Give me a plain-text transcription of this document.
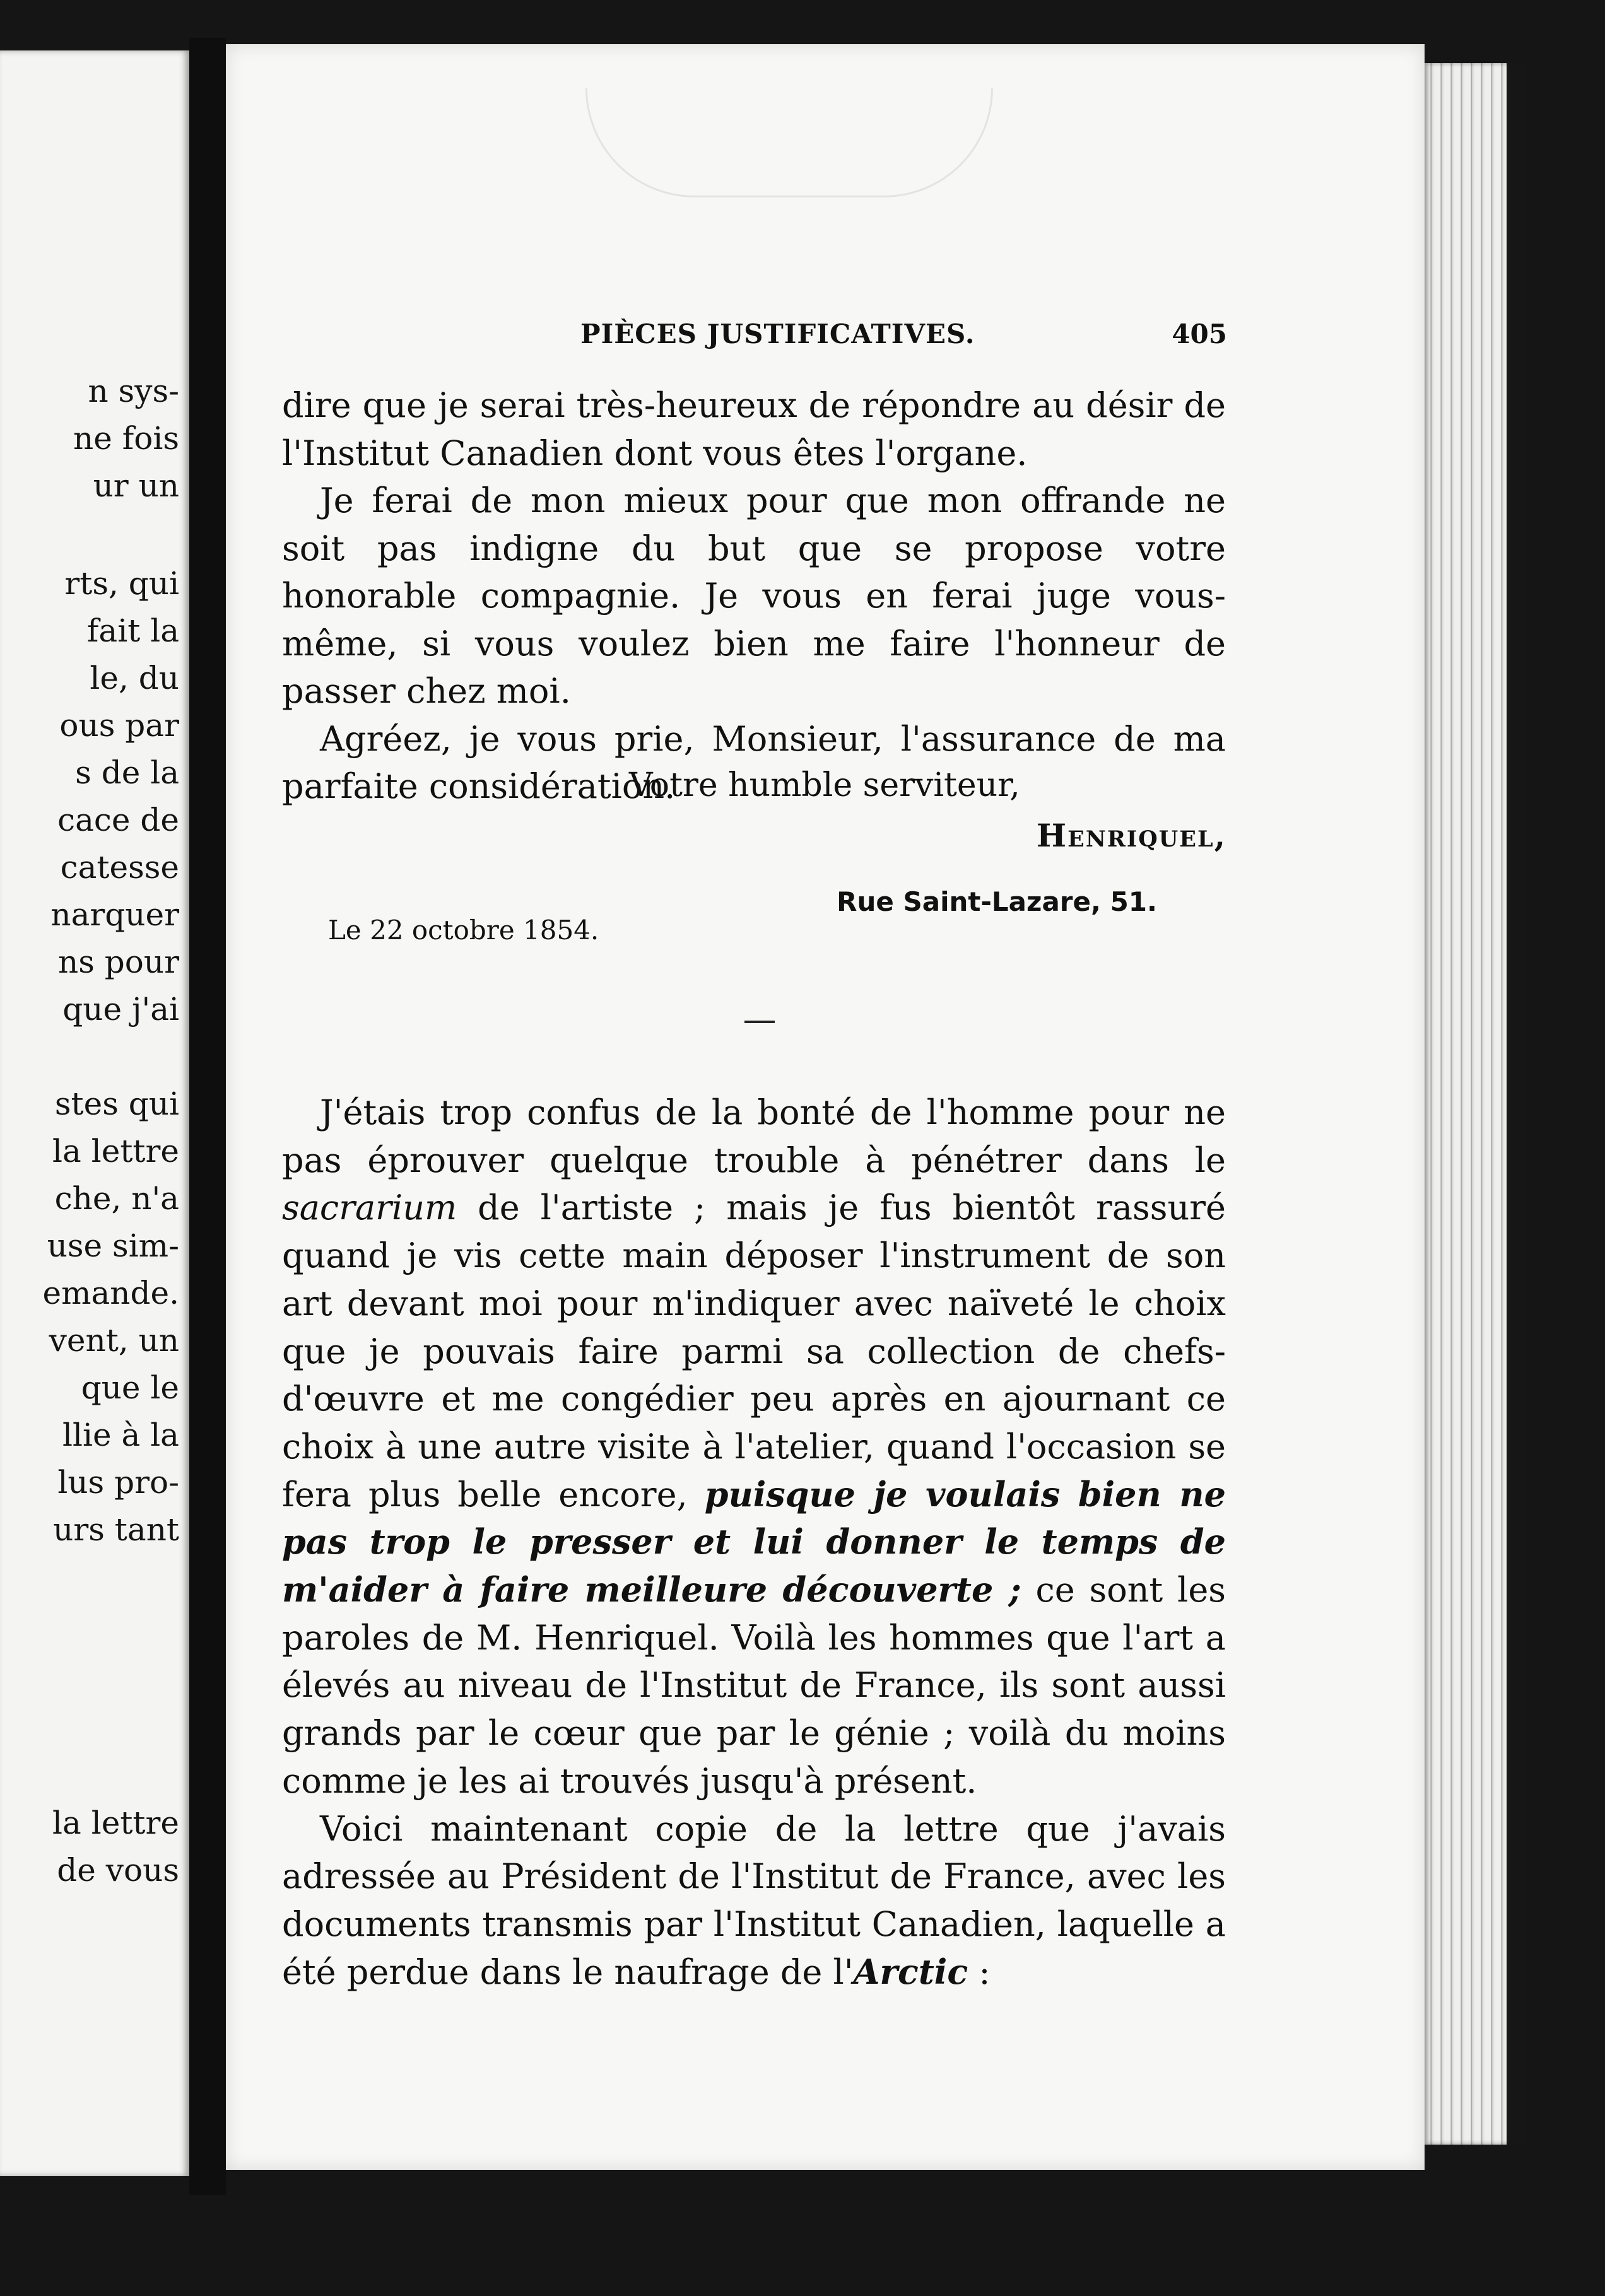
n sys-
ne fois
ur un
rts, qui
fait la
le, du
ous par
s de la
cace de
catesse
narquer
ns pour
que j'ai
stes qui
la lettre
che, n'a
use sim-
emande.
vent, un
que le
llie à la
lus pro-
urs tant
la lettre
de vous
PIÈCES JUSTIFICATIVES.	405

dire que je serai très-heureux de répondre au désir de l'Institut Canadien dont vous êtes l'organe.

Je ferai de mon mieux pour que mon offrande ne soit pas indigne du but que se propose votre honorable compagnie. Je vous en ferai juge vous-même, si vous voulez bien me faire l'honneur de passer chez moi.

Agréez, je vous prie, Monsieur, l'assurance de ma parfaite considération.

Votre humble serviteur,
Henriquel,
Rue Saint-Lazare, 51.
Le 22 octobre 1854.

J'étais trop confus de la bonté de l'homme pour ne pas éprouver quelque trouble à pénétrer dans le sacrarium de l'artiste ; mais je fus bientôt rassuré quand je vis cette main déposer l'instrument de son art devant moi pour m'indiquer avec naïveté le choix que je pouvais faire parmi sa collection de chefs-d'œuvre et me congédier peu après en ajournant ce choix à une autre visite à l'atelier, quand l'occasion se fera plus belle encore, puisque je voulais bien ne pas trop le presser et lui donner le temps de m'aider à faire meilleure découverte ; ce sont les paroles de M. Henriquel. Voilà les hommes que l'art a élevés au niveau de l'Institut de France, ils sont aussi grands par le cœur que par le génie ; voilà du moins comme je les ai trouvés jusqu'à présent.

Voici maintenant copie de la lettre que j'avais adressée au Président de l'Institut de France, avec les documents transmis par l'Institut Canadien, laquelle a été perdue dans le naufrage de l'Arctic :
